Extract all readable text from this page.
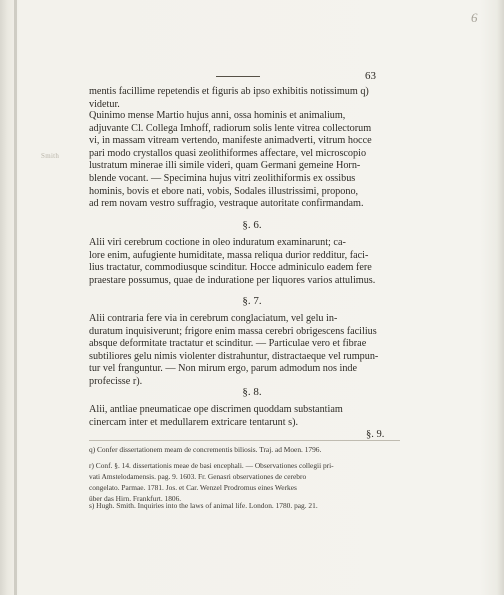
6
Smith
63
mentis facillime repetendis et figuris ab ipso exhibitis notissimum q)
videtur.
Quinimo mense Martio hujus anni, ossa hominis et animalium,
adjuvante Cl. Collega Imhoff, radiorum solis lente vitrea collectorum
vi, in massam vitream vertendo, manifeste animadverti, vitrum hocce
pari modo crystallos quasi zeolithiformes affectare, vel microscopio
lustratum minerae illi simile videri, quam Germani gemeine Horn-
blende vocant. — Specimina hujus vitri zeolithiformis ex ossibus
hominis, bovis et ebore nati, vobis, Sodales illustrissimi, propono,
ad rem novam vestro suffragio, vestraque autoritate confirmandam.
§. 6.
Alii viri cerebrum coctione in oleo induratum examinarunt; ca-
lore enim, aufugiente humiditate, massa reliqua durior redditur, faci-
lius tractatur, commodiusque scinditur. Hocce adminiculo eadem fere
praestare possumus, quae de induratione per liquores varios attulimus.
§. 7.
Alii contraria fere via in cerebrum conglaciatum, vel gelu in-
duratum inquisiverunt; frigore enim massa cerebri obrigescens facilius
absque deformitate tractatur et scinditur. — Particulae vero et fibrae
subtiliores gelu nimis violenter distrahuntur, distractaeque vel rumpun-
tur vel franguntur. — Non mirum ergo, parum admodum nos inde
profecisse r).
§. 8.
Alii, antliae pneumaticae ope discrimen quoddam substantiam
cinercam inter et medullarem extricare tentarunt s).
§. 9.
q) Confer dissertationem meam de concrementis biliosis. Traj. ad Moen. 1796.
r) Conf. §. 14. dissertationis meae de basi encephali. — Observationes collegii pri-
vati Amstelodamensis. pag. 9. 1603. Fr. Genasri observationes de cerebro
congelato. Parmae. 1781. Jos. et Car. Wenzel Prodromus eines Werkes
über das Hirn. Frankfurt. 1806.
s) Hugh. Smith. Inquiries into the laws of animal life. London. 1780. pag. 21.
